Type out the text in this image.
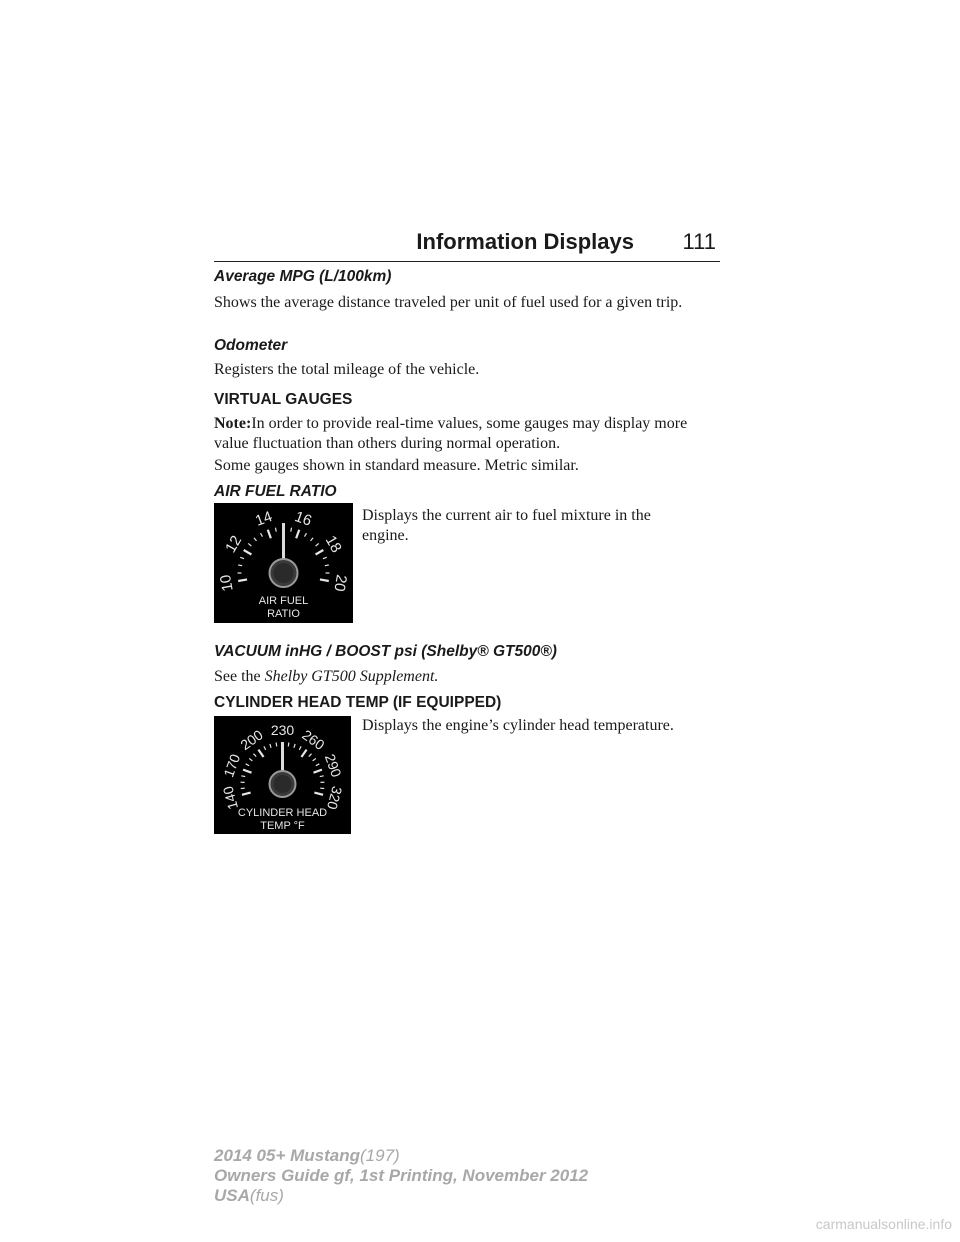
Information Displays 111
Average MPG (L/100km)
Shows the average distance traveled per unit of fuel used for a given trip.
Odometer
Registers the total mileage of the vehicle.
VIRTUAL GAUGES
Note:In order to provide real-time values, some gauges may display more value fluctuation than others during normal operation.
Some gauges shown in standard measure. Metric similar.
AIR FUEL RATIO
Displays the current air to fuel mixture in the engine.
10
12
14 16
18
20
AIR FUEL
RATIO
VACUUM inHG / BOOST psi (Shelby® GT500®)
See the Shelby GT500 Supplement.
CYLINDER HEAD TEMP (IF EQUIPPED)
Displays the engine’s cylinder head temperature.
140
170
200 230 260
290
320
CYLINDER HEAD
TEMP °F
2014 05+ Mustang(197)
Owners Guide gf, 1st Printing, November 2012
USA(fus)
carmanualsonline.info
